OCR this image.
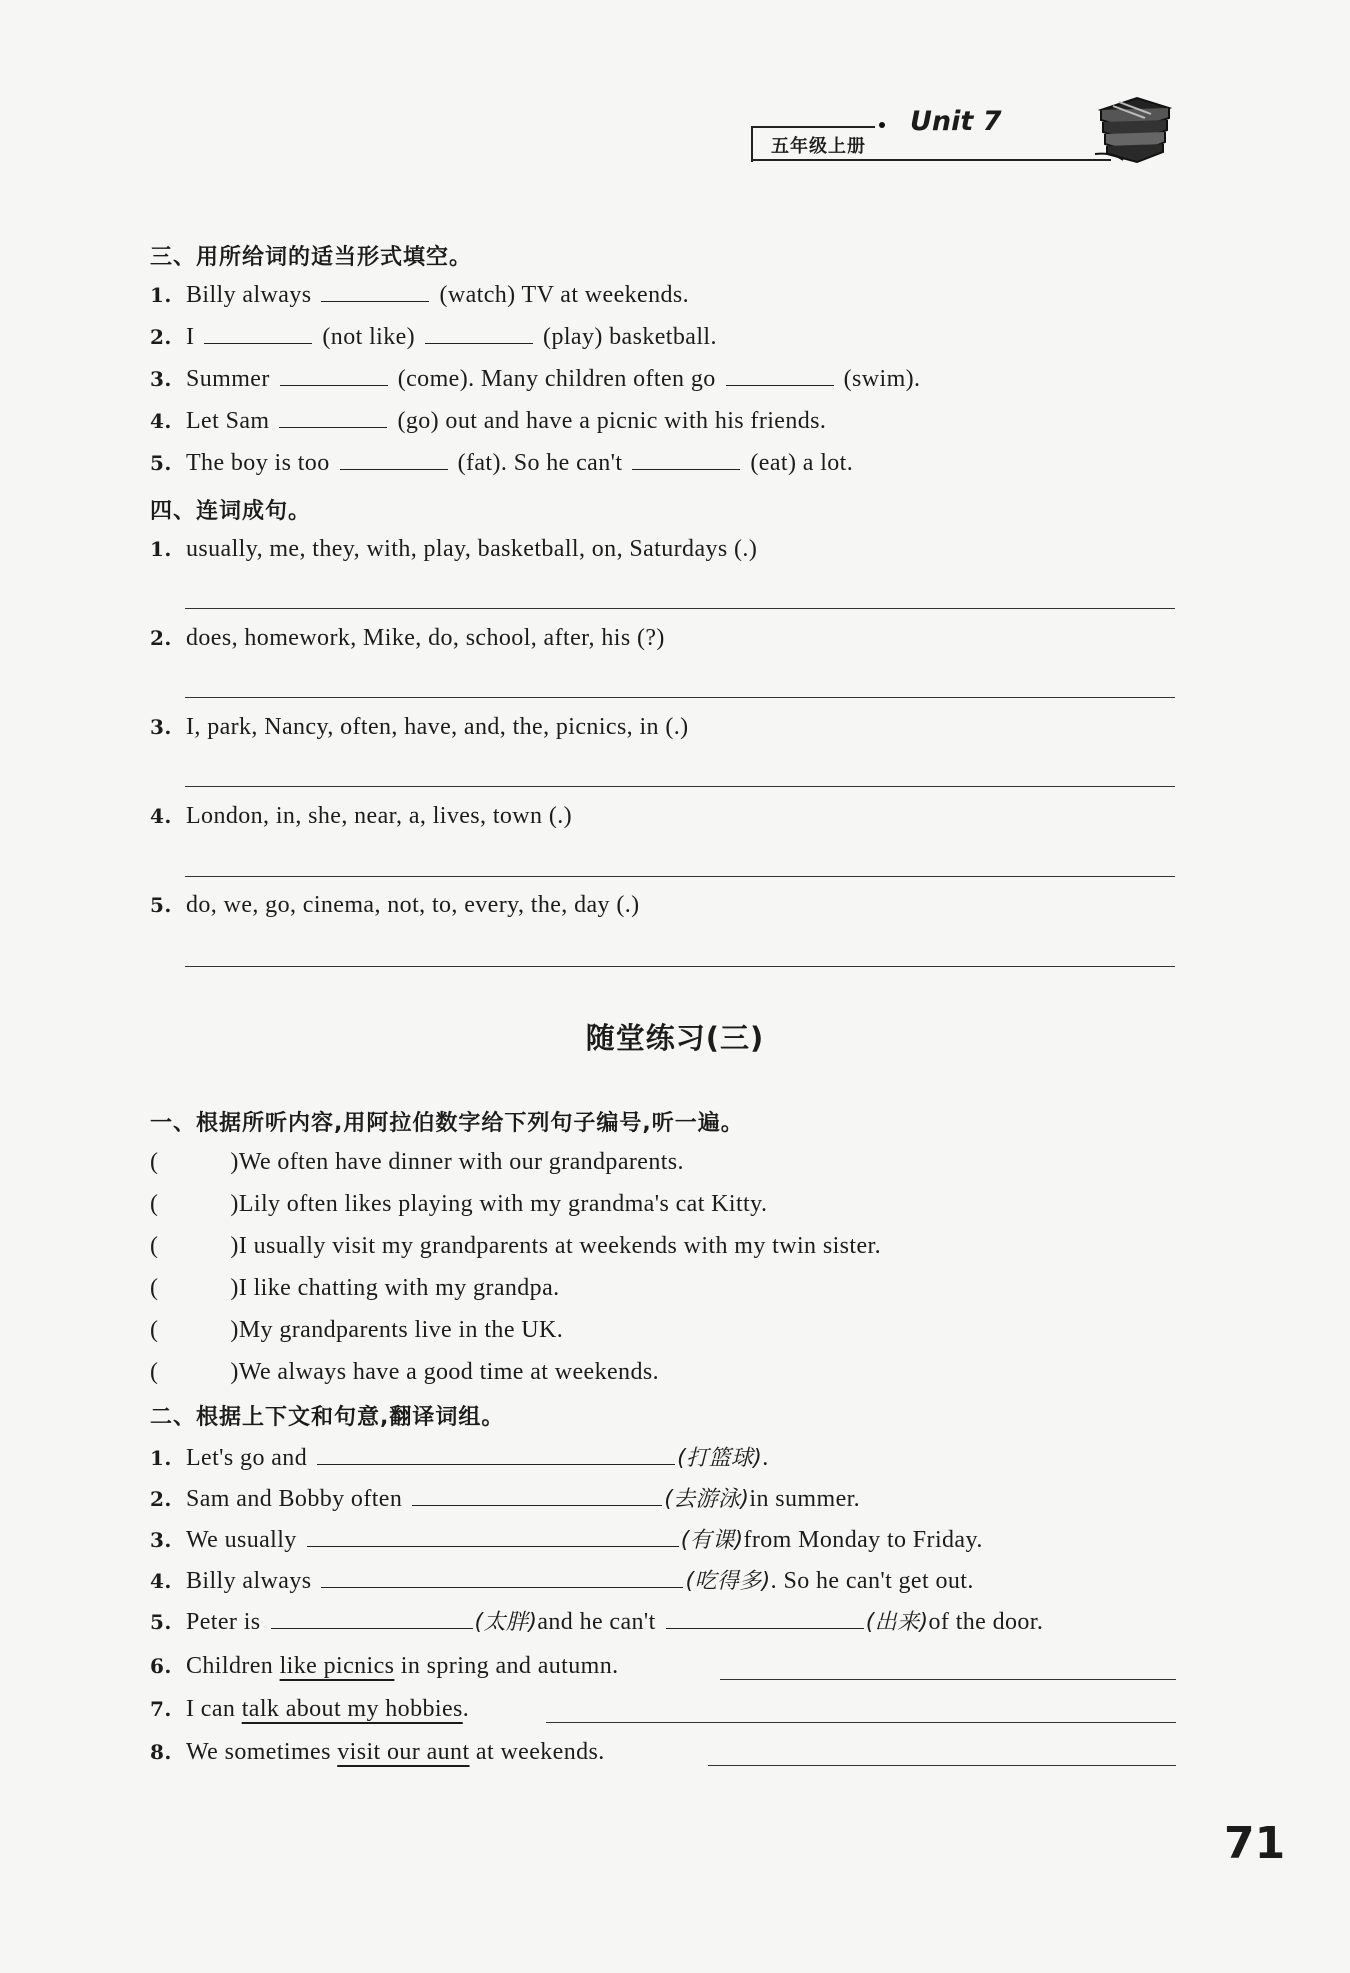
五年级上册
Unit 7
三、用所给词的适当形式填空。
1. Billy always	(watch) TV at weekends.
2. I	(not like)	(play) basketball.
3. Summer	(come). Many children often go	(swim).
4. Let Sam	(go) out and have a picnic with his friends.
5. The boy is too	(fat). So he can't	(eat) a lot.
四、连词成句。
1. usually, me, they, with, play, basketball, on, Saturdays (.)
2. does, homework, Mike, do, school, after, his (?)
3. I, park, Nancy, often, have, and, the, picnics, in (.)
4. London, in, she, near, a, lives, town (.)
5. do, we, go, cinema, not, to, every, the, day (.)
随堂练习(三)
一、根据所听内容,用阿拉伯数字给下列句子编号,听一遍。
(	)We often have dinner with our grandparents.
(	)Lily often likes playing with my grandma's cat Kitty.
(	)I usually visit my grandparents at weekends with my twin sister.
(	)I like chatting with my grandpa.
(	)My grandparents live in the UK.
(	)We always have a good time at weekends.
二、根据上下文和句意,翻译词组。
1. Let's go and	(打篮球).
2. Sam and Bobby often	(去游泳)in summer.
3. We usually	(有课)from Monday to Friday.
4. Billy always	(吃得多). So he can't get out.
5. Peter is	(太胖)and he can't	(出来)of the door.
6. Children like picnics in spring and autumn.
7. I can talk about my hobbies.
8. We sometimes visit our aunt at weekends.
71
